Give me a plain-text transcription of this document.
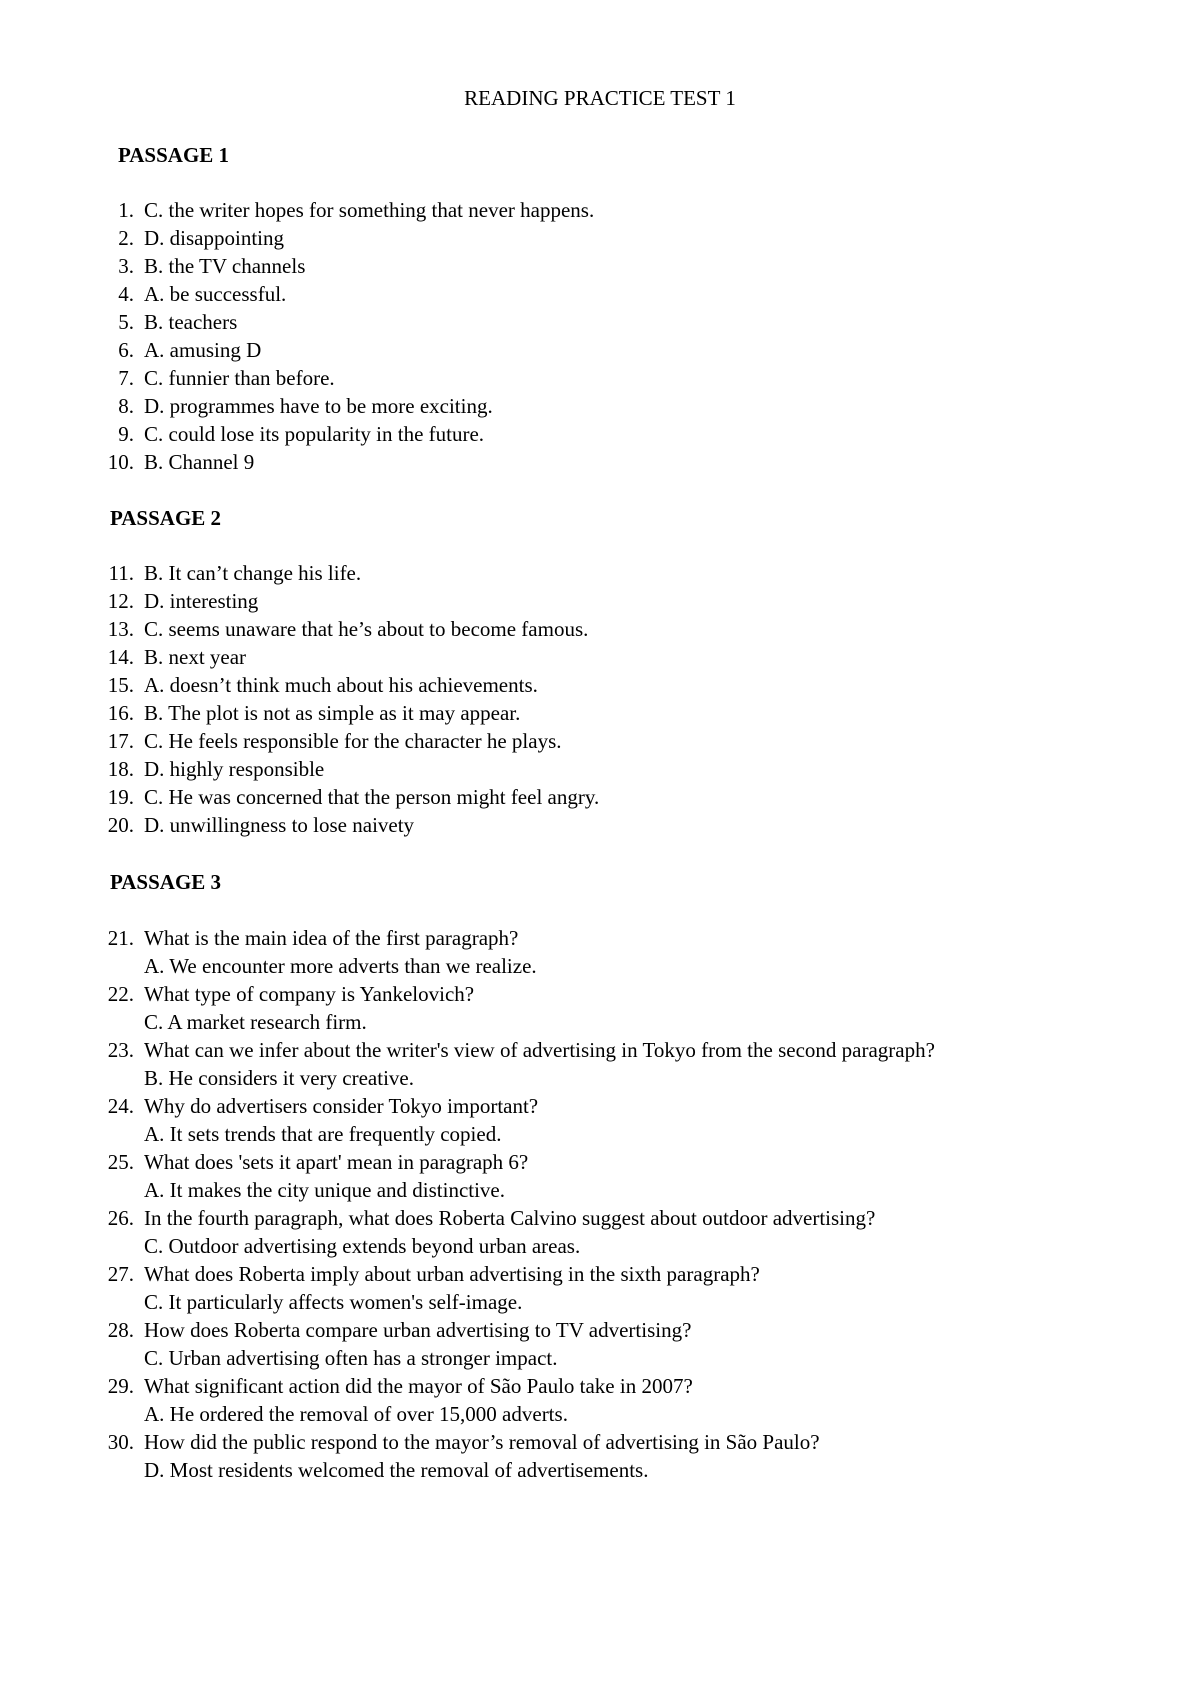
READING PRACTICE TEST 1
PASSAGE 1
1. C. the writer hopes for something that never happens.
2. D. disappointing
3. B. the TV channels
4. A. be successful.
5. B. teachers
6. A. amusing D
7. C. funnier than before.
8. D. programmes have to be more exciting.
9. C. could lose its popularity in the future.
10. B. Channel 9
PASSAGE 2
11. B. It can’t change his life.
12. D. interesting
13. C. seems unaware that he’s about to become famous.
14. B. next year
15. A. doesn’t think much about his achievements.
16. B. The plot is not as simple as it may appear.
17. C. He feels responsible for the character he plays.
18. D. highly responsible
19. C. He was concerned that the person might feel angry.
20. D. unwillingness to lose naivety
PASSAGE 3
21. What is the main idea of the first paragraph?
A. We encounter more adverts than we realize.
22. What type of company is Yankelovich?
C. A market research firm.
23. What can we infer about the writer's view of advertising in Tokyo from the second paragraph?
B. He considers it very creative.
24. Why do advertisers consider Tokyo important?
A. It sets trends that are frequently copied.
25. What does 'sets it apart' mean in paragraph 6?
A. It makes the city unique and distinctive.
26. In the fourth paragraph, what does Roberta Calvino suggest about outdoor advertising?
C. Outdoor advertising extends beyond urban areas.
27. What does Roberta imply about urban advertising in the sixth paragraph?
C. It particularly affects women's self-image.
28. How does Roberta compare urban advertising to TV advertising?
C. Urban advertising often has a stronger impact.
29. What significant action did the mayor of São Paulo take in 2007?
A. He ordered the removal of over 15,000 adverts.
30. How did the public respond to the mayor’s removal of advertising in São Paulo?
D. Most residents welcomed the removal of advertisements.
